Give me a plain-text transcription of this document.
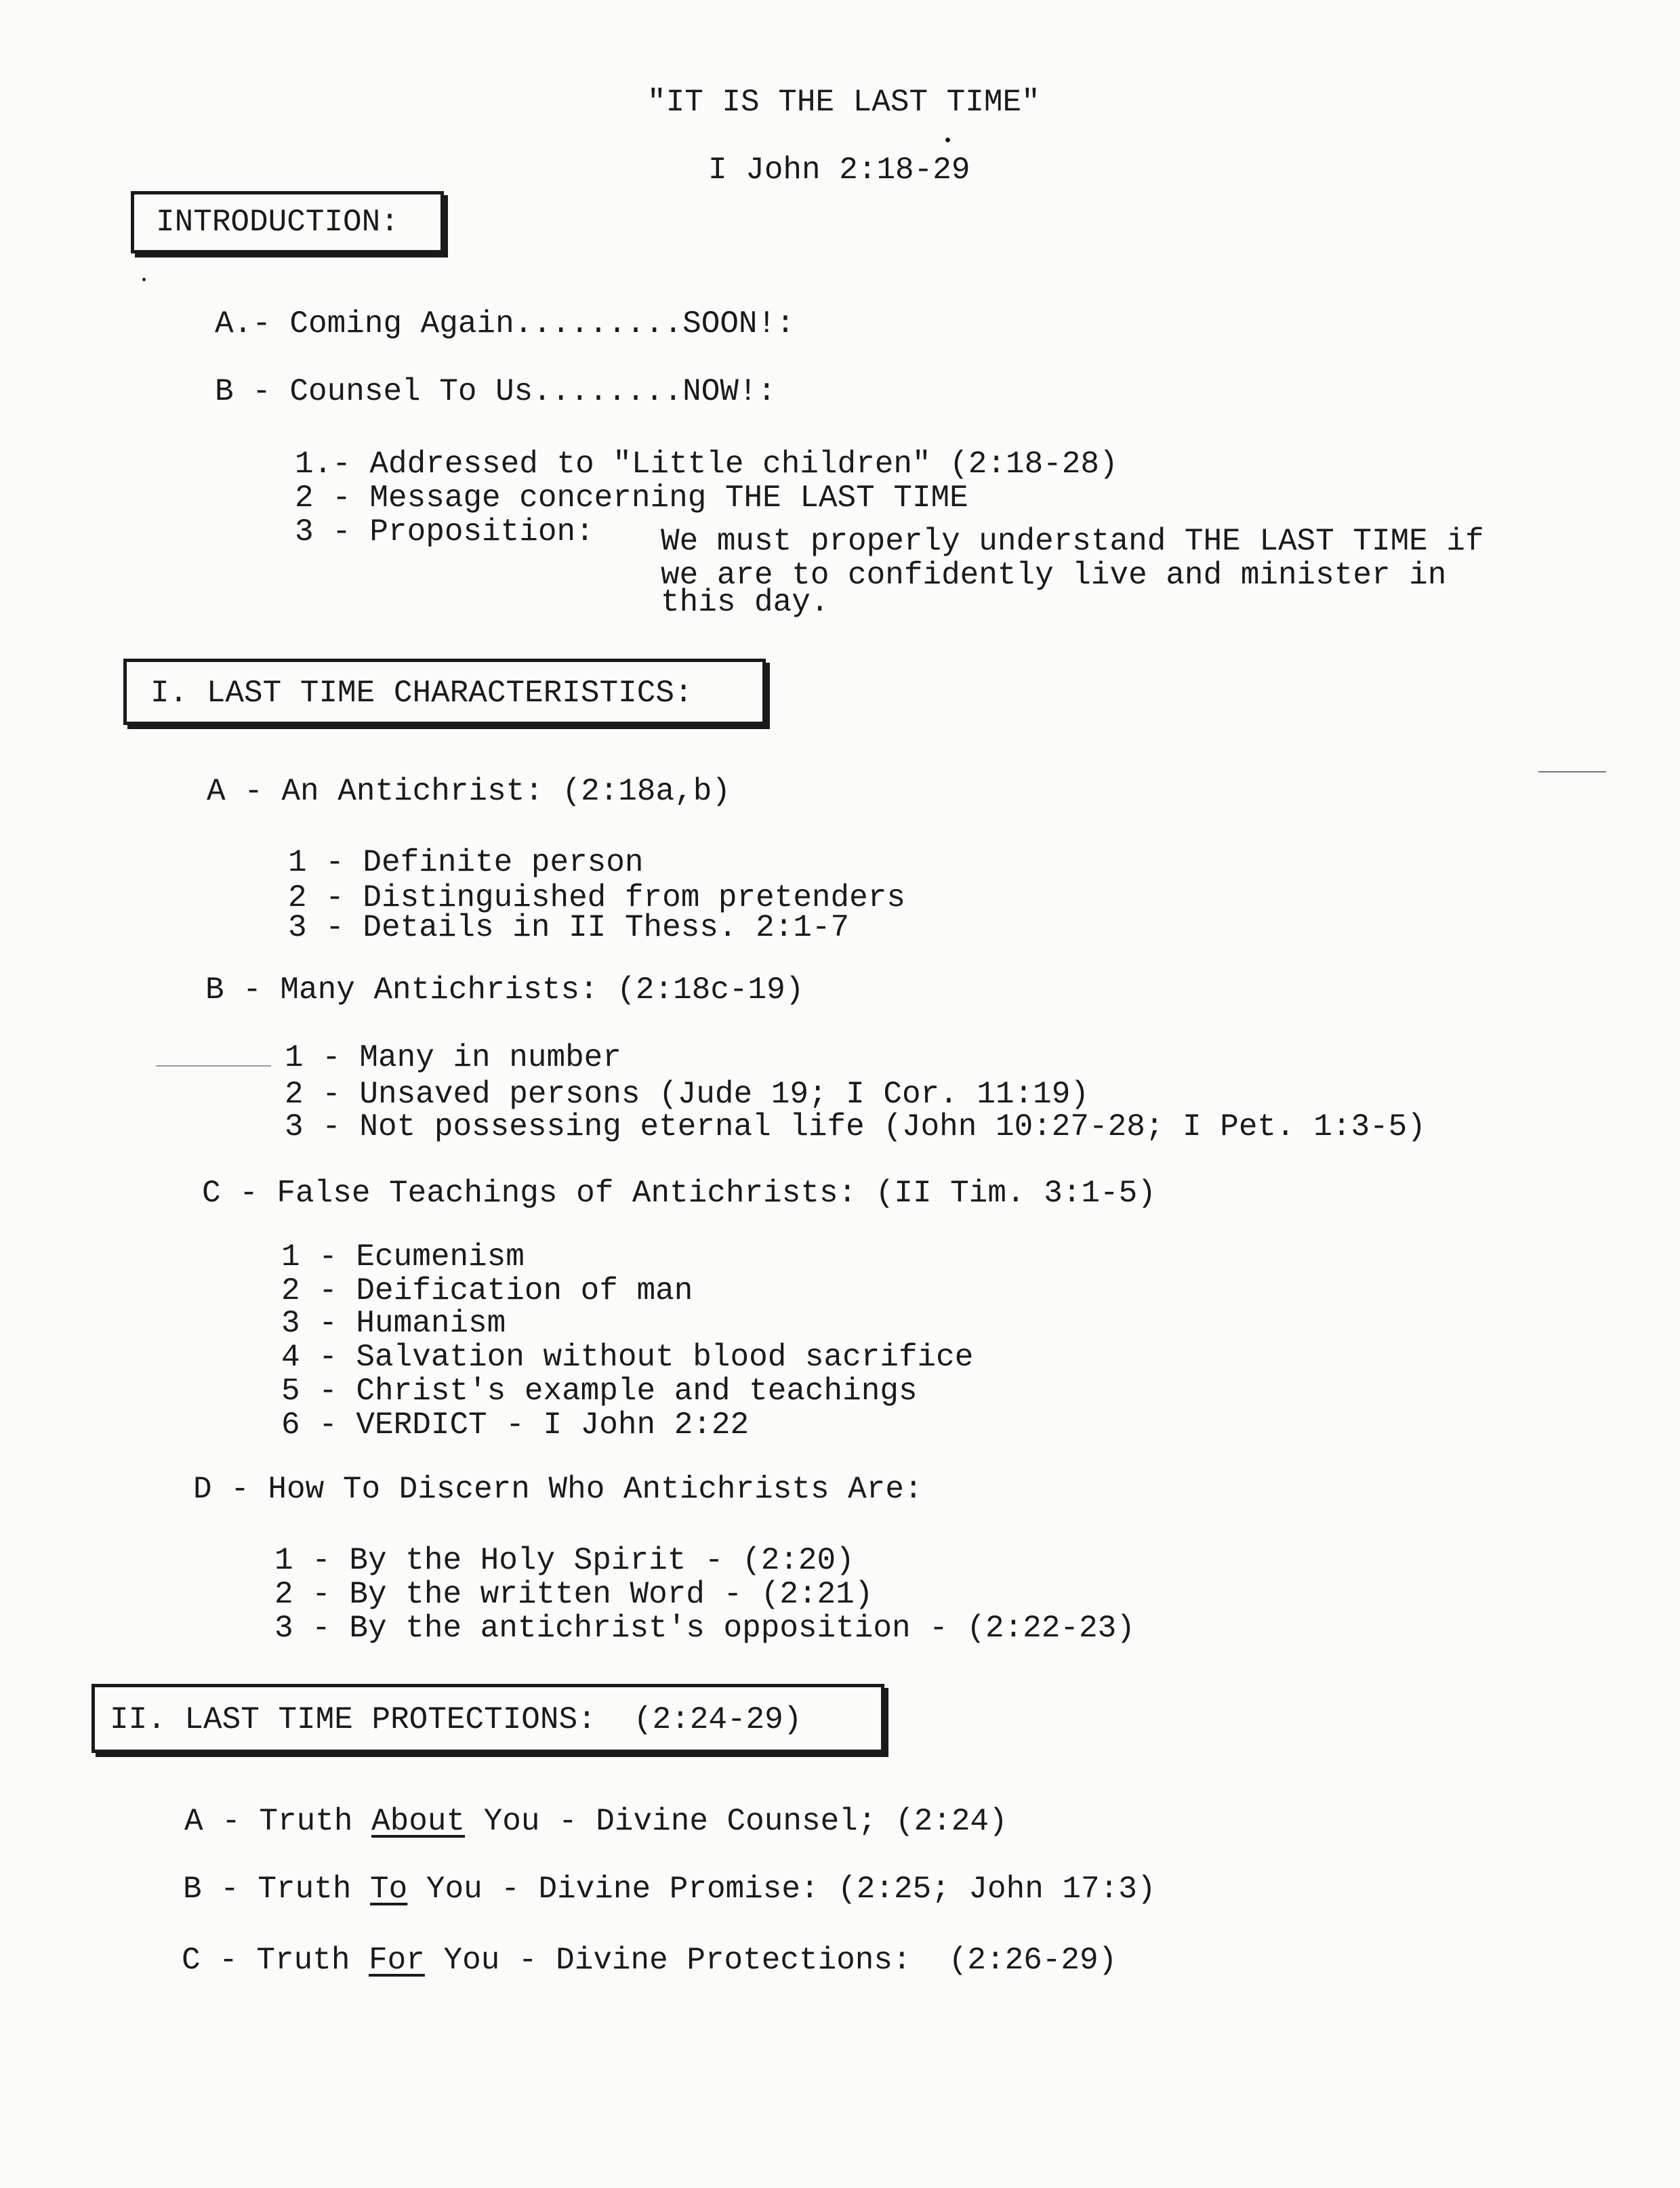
"IT IS THE LAST TIME"
I John 2:18-29
INTRODUCTION:
A.- Coming Again.........SOON!:
B - Counsel To Us........NOW!:
1.- Addressed to "Little children" (2:18-28)
2 - Message concerning THE LAST TIME
3 - Proposition: We must properly understand THE LAST TIME if
we are to confidently live and minister in
this day.
I. LAST TIME CHARACTERISTICS:
A - An Antichrist: (2:18a,b)
1 - Definite person
2 - Distinguished from pretenders
3 - Details in II Thess. 2:1-7
B - Many Antichrists: (2:18c-19)
1 - Many in number
2 - Unsaved persons (Jude 19; I Cor. 11:19)
3 - Not possessing eternal life (John 10:27-28; I Pet. 1:3-5)
C - False Teachings of Antichrists: (II Tim. 3:1-5)
1 - Ecumenism
2 - Deification of man
3 - Humanism
4 - Salvation without blood sacrifice
5 - Christ's example and teachings
6 - VERDICT - I John 2:22
D - How To Discern Who Antichrists Are:
1 - By the Holy Spirit - (2:20)
2 - By the written Word - (2:21)
3 - By the antichrist's opposition - (2:22-23)
II. LAST TIME PROTECTIONS:  (2:24-29)
A - Truth About You - Divine Counsel; (2:24)
B - Truth To You - Divine Promise: (2:25; John 17:3)
C - Truth For You - Divine Protections:  (2:26-29)
